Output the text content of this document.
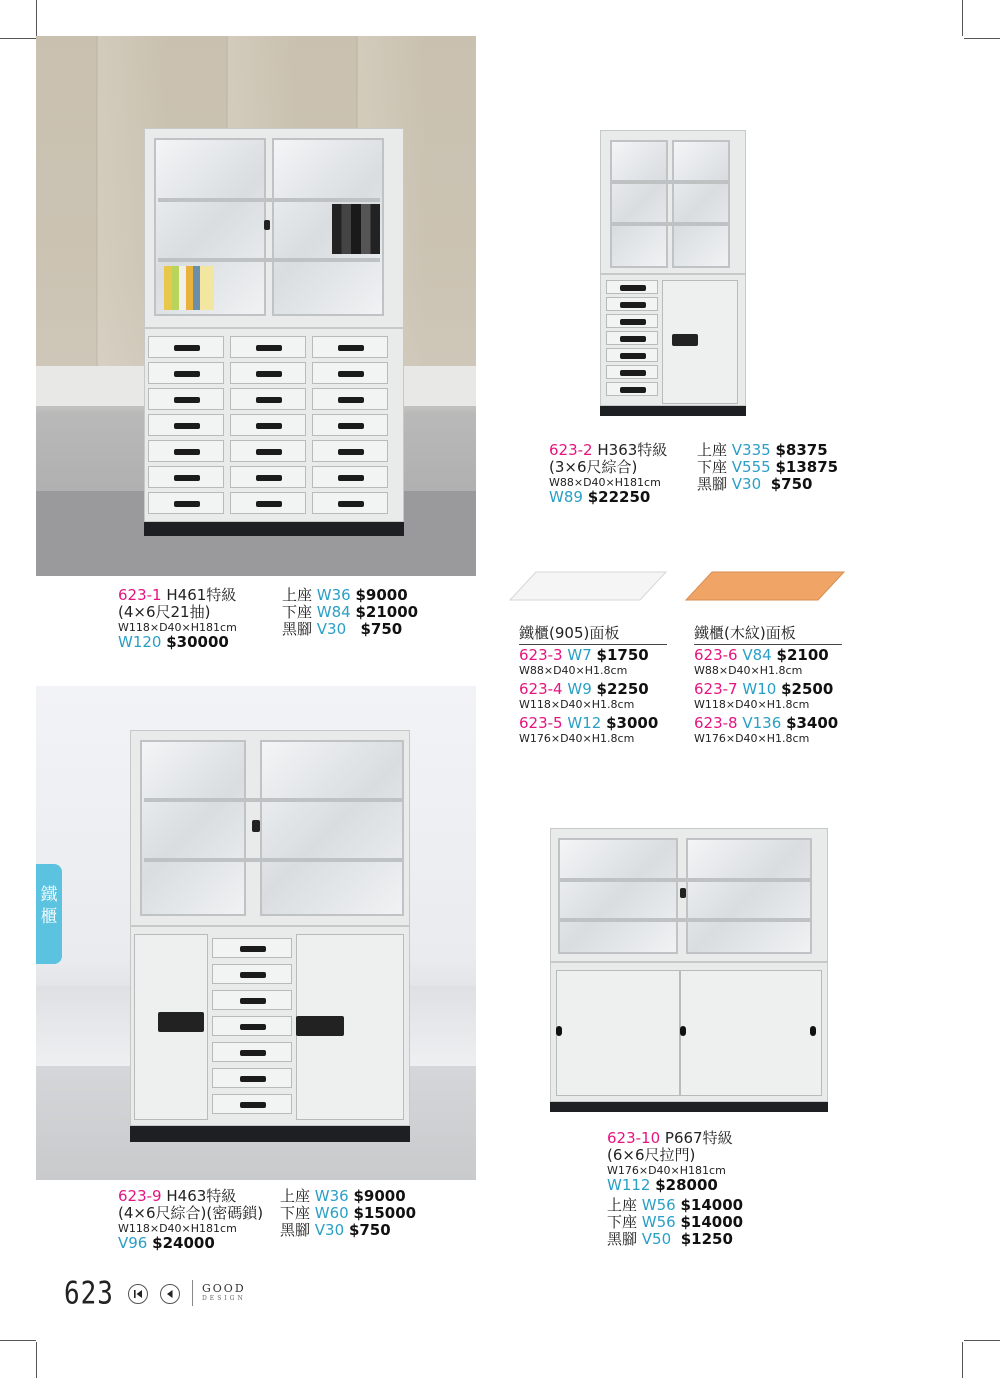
623-1 H461特級
(4×6尺21抽)
W118×D40×H181cm
W120 $30000
上座 W36 $9000
下座 W84 $21000
黑腳 V30 $750
623-2 H363特級
(3×6尺綜合)
W88×D40×H181cm
W89 $22250
上座 V335 $8375
下座 V555 $13875
黑腳 V30 $750
鐵櫃(905)面板
623-3 W7 $1750
W88×D40×H1.8cm
623-4 W9 $2250
W118×D40×H1.8cm
623-5 W12 $3000
W176×D40×H1.8cm
鐵櫃(木紋)面板
623-6 V84 $2100
W88×D40×H1.8cm
623-7 W10 $2500
W118×D40×H1.8cm
623-8 V136 $3400
W176×D40×H1.8cm
鐵櫃
623-9 H463特級
(4×6尺綜合)(密碼鎖)
W118×D40×H181cm
V96 $24000
上座 W36 $9000
下座 W60 $15000
黑腳 V30 $750
623-10 P667特級
(6×6尺拉門)
W176×D40×H181cm
W112 $28000
上座 W56 $14000
下座 W56 $14000
黑腳 V50 $1250
623	GOOD
DESIGN
